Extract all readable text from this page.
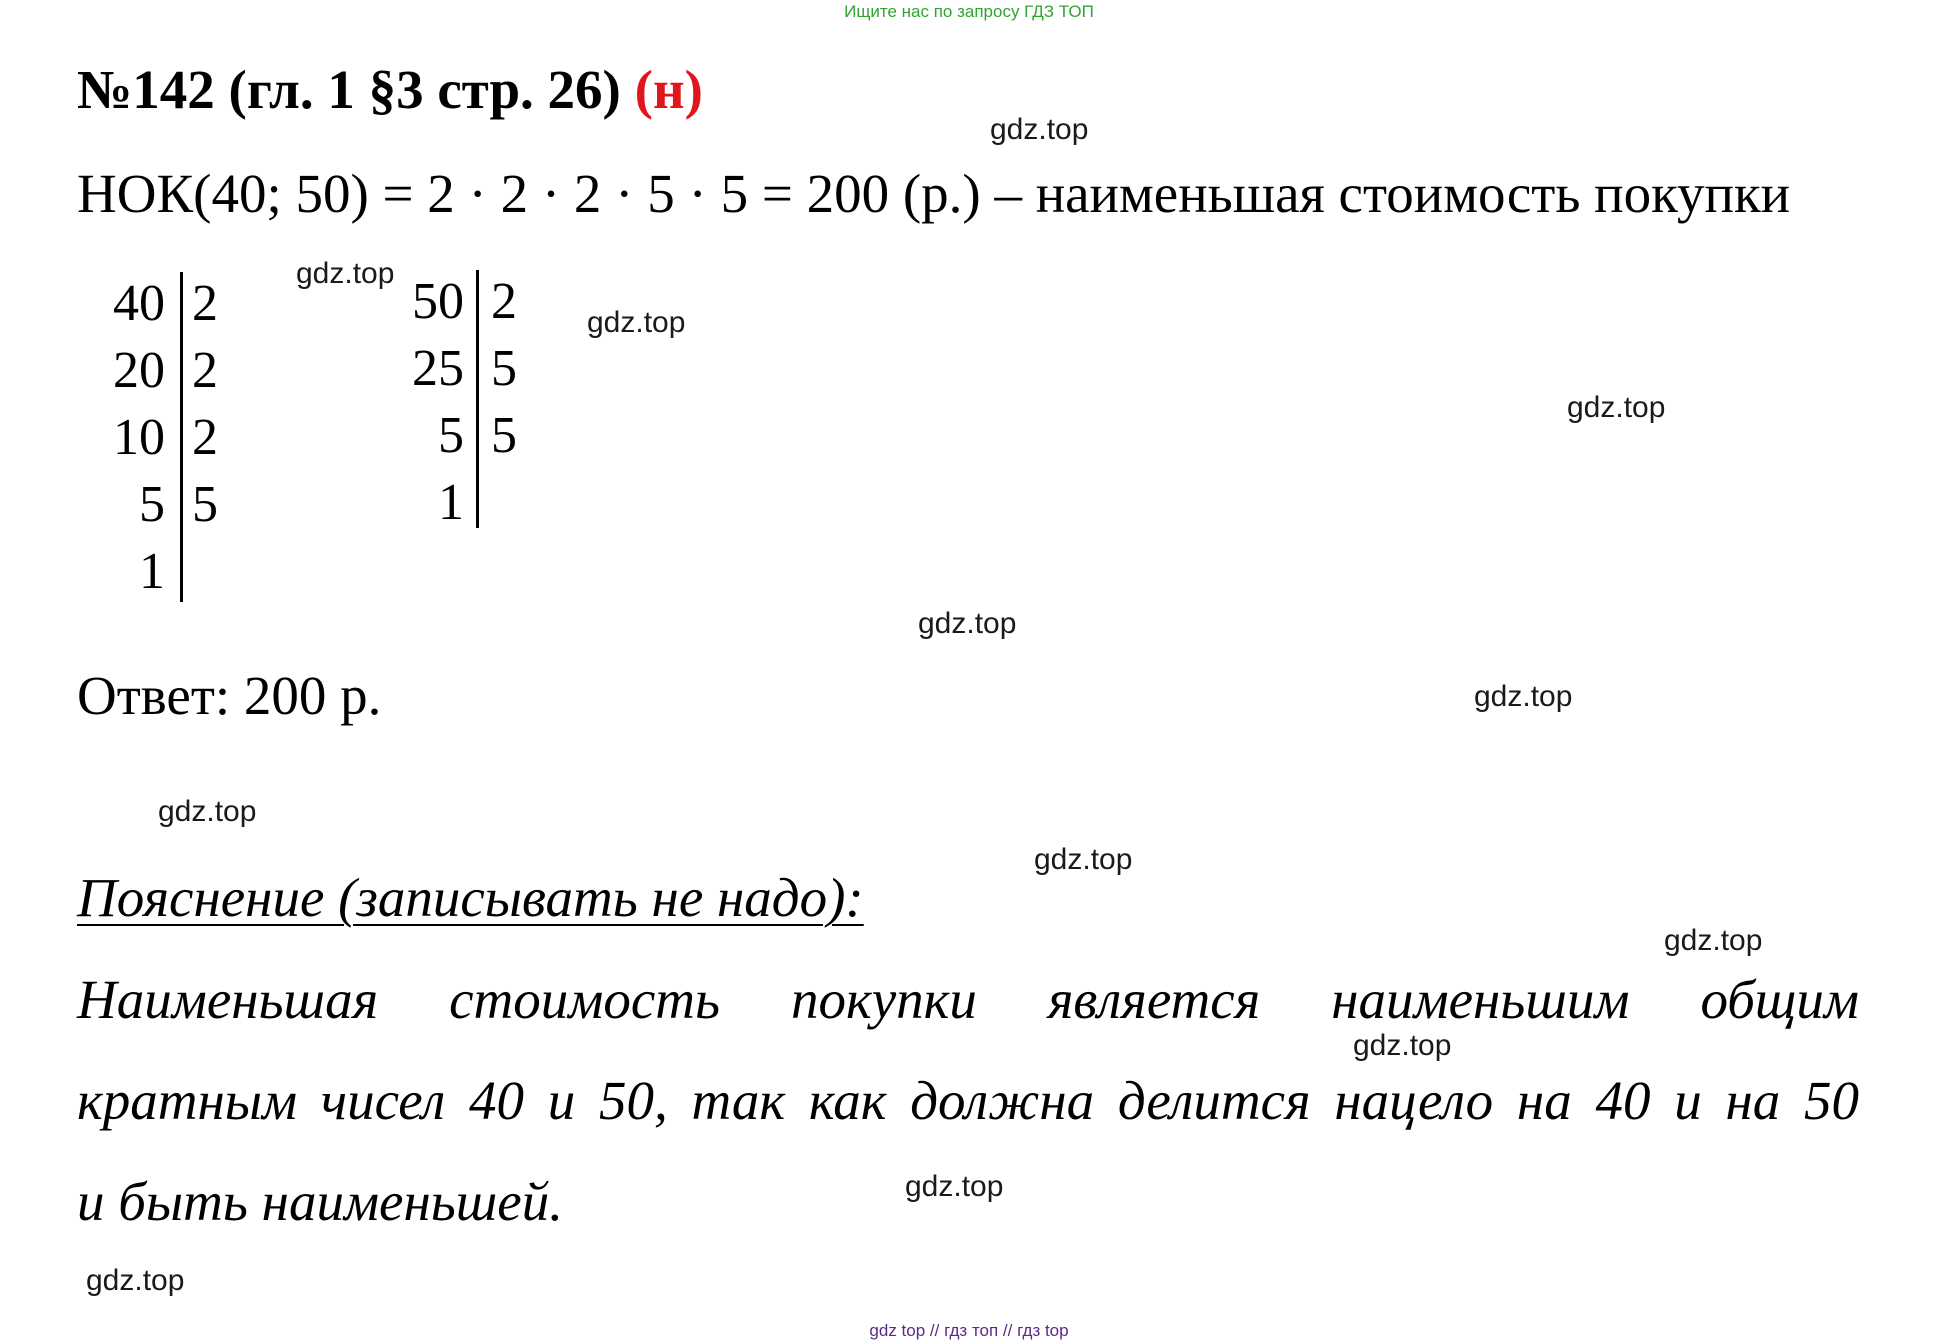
Ищите нас по запросу ГДЗ ТОП
№142 (гл. 1 §3 стр. 26) (н)
НОК(40; 50) = 2 · 2 · 2 · 5 · 5 = 200 (р.) – наименьшая стоимость покупки
40
20
10
5
1
2
2
2
5
50
25
5
1
2
5
5
Ответ: 200 р.
Пояснение (записывать не надо):
Наименьшая стоимость покупки является наименьшим общим
кратным чисел 40 и 50, так как должна делится нацело на 40 и на 50
и быть наименьшей.
gdz.top
gdz.top
gdz.top
gdz.top
gdz.top
gdz.top
gdz.top
gdz.top
gdz.top
gdz.top
gdz.top
gdz.top
gdz top // гдз топ // гдз top
